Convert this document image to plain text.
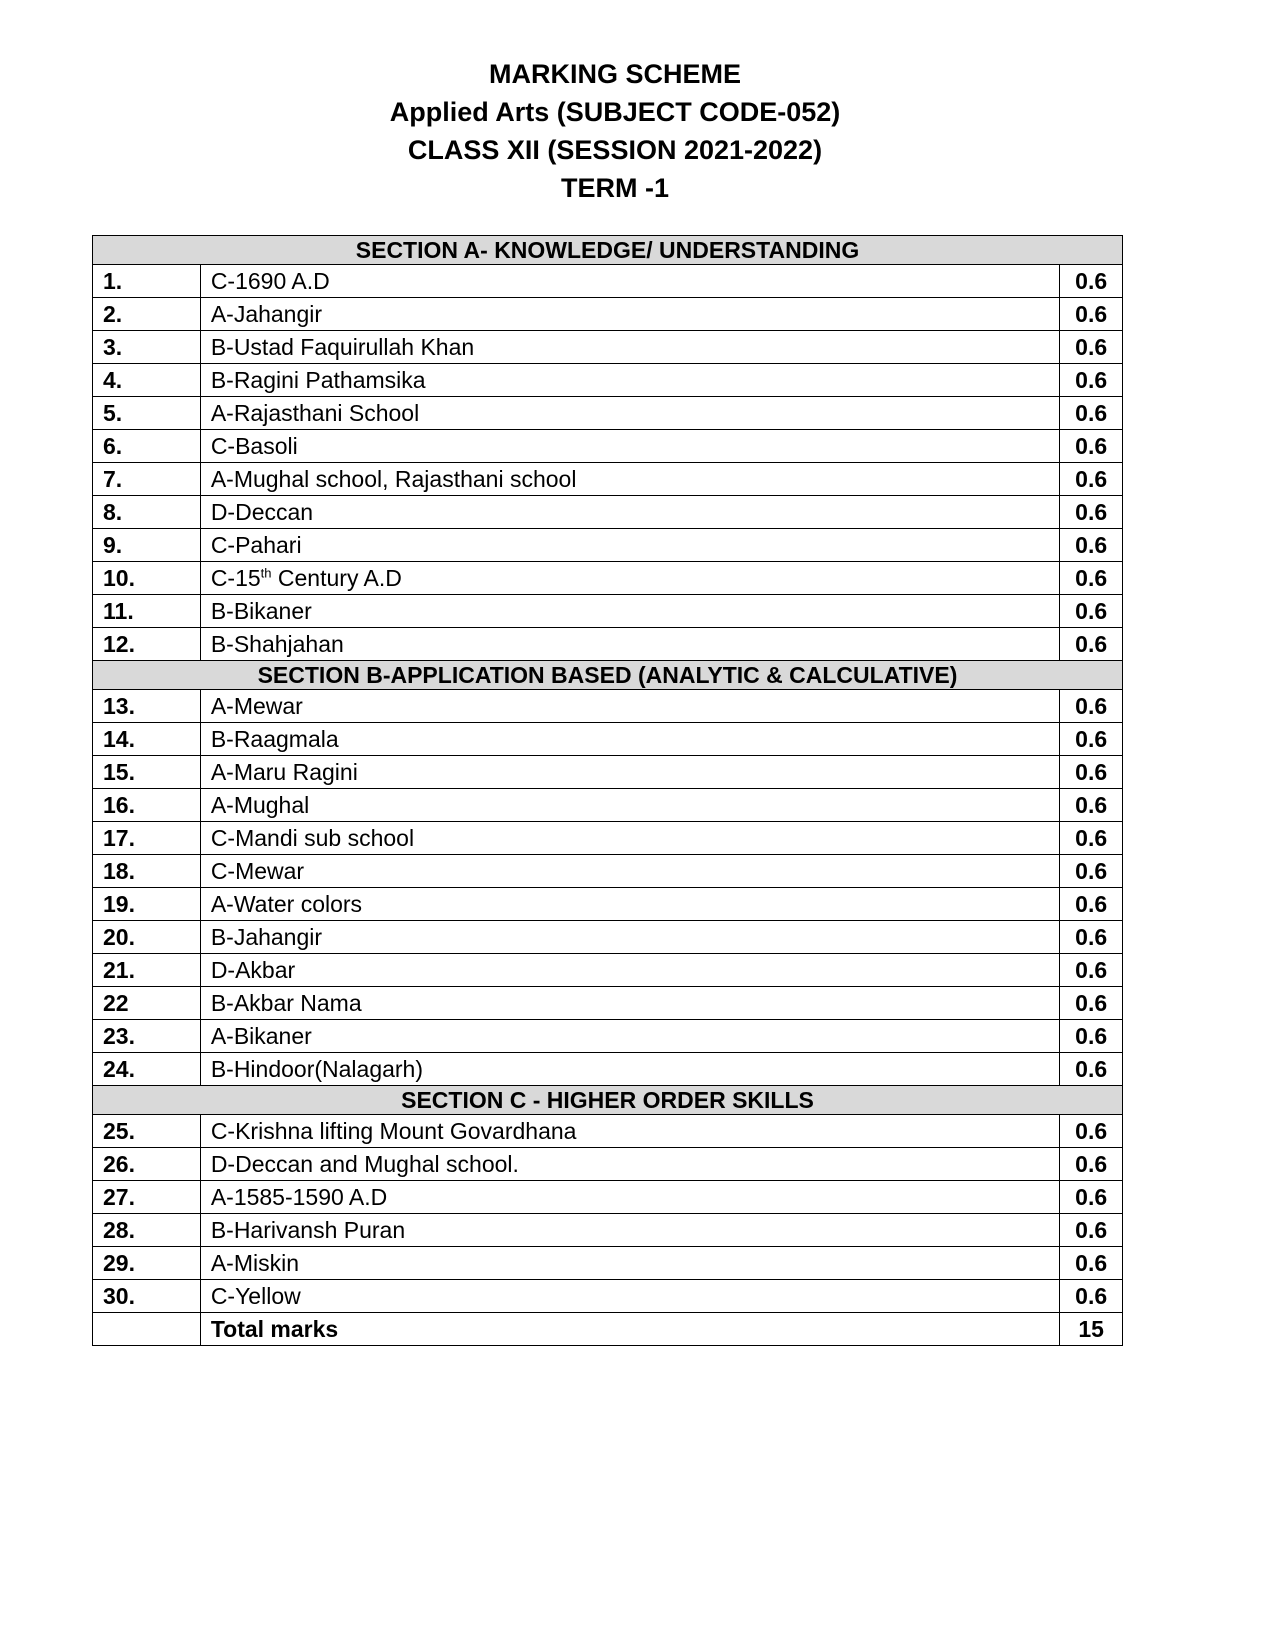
MARKING SCHEME
Applied Arts (SUBJECT CODE-052)
CLASS XII (SESSION 2021-2022)
TERM -1
SECTION A- KNOWLEDGE/ UNDERSTANDING		
1.	C-1690 A.D	0.6
2.	A-Jahangir	0.6
3.	B-Ustad Faquirullah Khan	0.6
4.	B-Ragini Pathamsika	0.6
5.	A-Rajasthani School	0.6
6.	C-Basoli	0.6
7.	A-Mughal school, Rajasthani school	0.6
8.	D-Deccan	0.6
9.	C-Pahari	0.6
10.	C-15th Century A.D	0.6
11.	B-Bikaner	0.6
12.	B-Shahjahan	0.6
SECTION B-APPLICATION BASED (ANALYTIC & CALCULATIVE)		
13.	A-Mewar	0.6
14.	B-Raagmala	0.6
15.	A-Maru Ragini	0.6
16.	A-Mughal	0.6
17.	C-Mandi sub school	0.6
18.	C-Mewar	0.6
19.	A-Water colors	0.6
20.	B-Jahangir	0.6
21.	D-Akbar	0.6
22	B-Akbar Nama	0.6
23.	A-Bikaner	0.6
24.	B-Hindoor(Nalagarh)	0.6
SECTION C - HIGHER ORDER SKILLS		
25.	C-Krishna lifting Mount Govardhana	0.6
26.	D-Deccan and Mughal school.	0.6
27.	A-1585-1590 A.D	0.6
28.	B-Harivansh Puran	0.6
29.	A-Miskin	0.6
30.	C-Yellow	0.6
	Total marks	15
